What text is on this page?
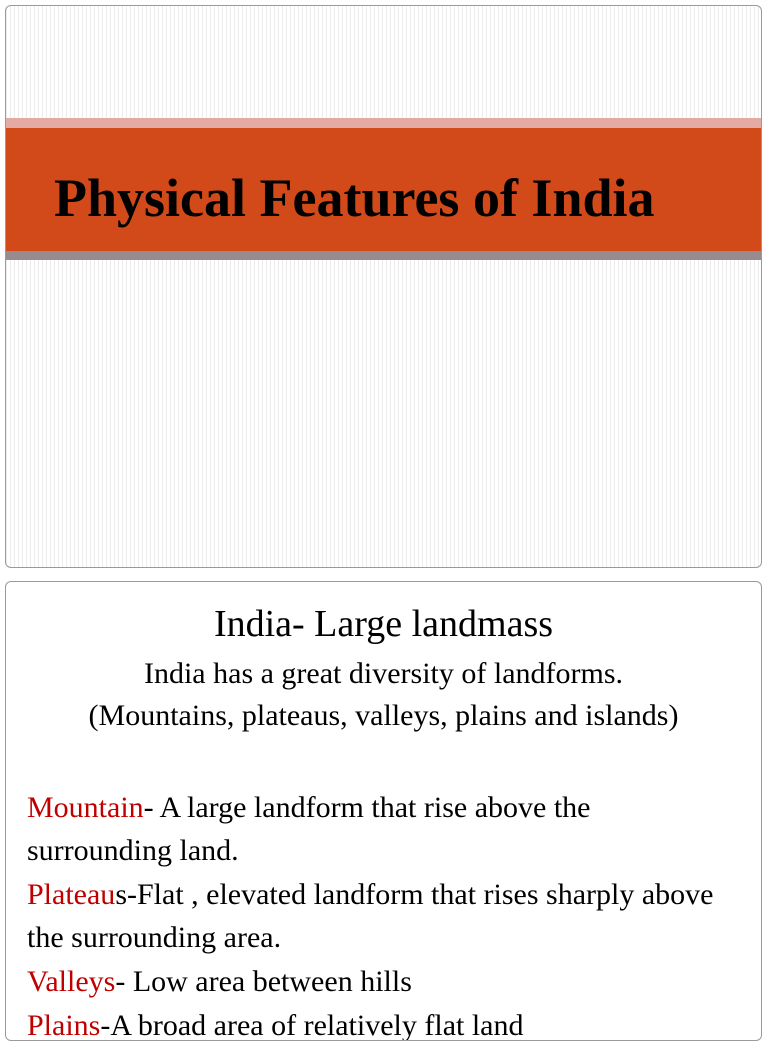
Physical Features of India
India- Large landmass
India has a great diversity of landforms.
(Mountains, plateaus, valleys, plains and islands)
Mountain- A large landform that rise above the surrounding land.
Plateaus-Flat , elevated landform that rises sharply above the surrounding area.
Valleys- Low area between hills
Plains-A broad area of relatively flat land
